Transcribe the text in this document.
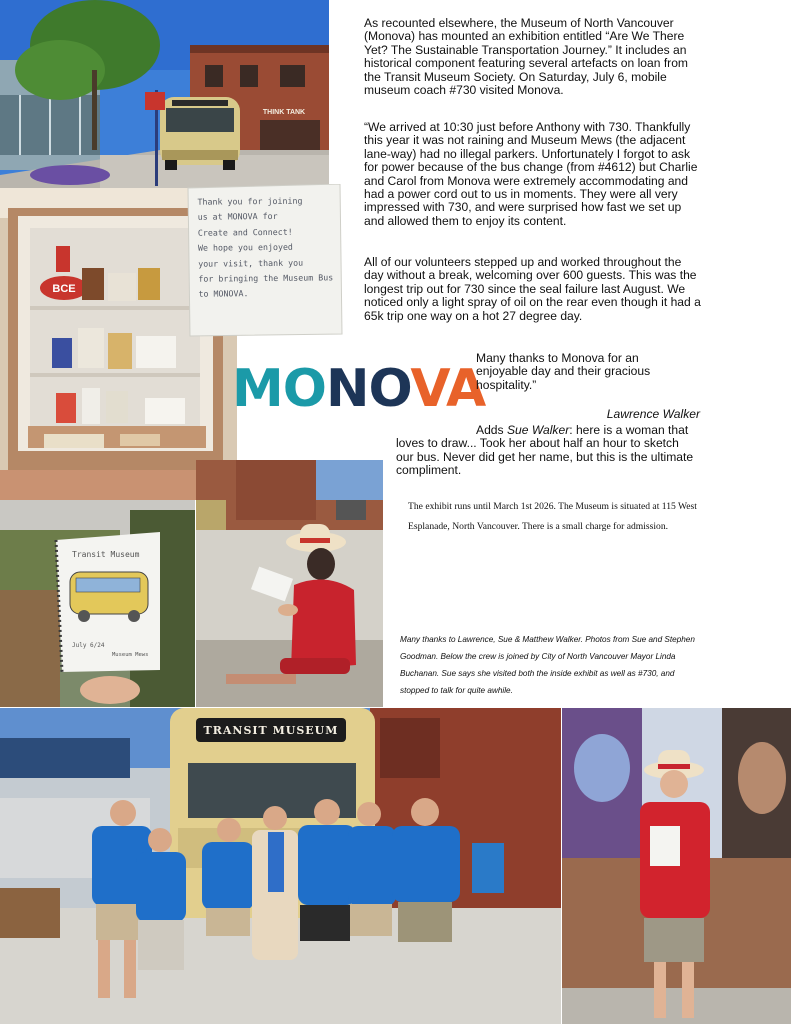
THINK TANK
BCE
Thank you for joining
us at MONOVA for
Create and Connect!
We hope you enjoyed
your visit, thank you
for bringing the Museum Bus
to MONOVA.
MONOVA
Transit Museum
July 6/24
Museum Mews
TRANSIT MUSEUM

As recounted elsewhere, the Museum of North Vancouver (Monova) has mounted an exhibition entitled “Are We There Yet? The Sustainable Transportation Journey.” It includes an historical component featuring several artefacts on loan from the Transit Museum Society. On Saturday, July 6, mobile museum coach #730 visited Monova.

“We arrived at 10:30 just before Anthony with 730. Thankfully this year it was not raining and Museum Mews (the adjacent lane-way) had no illegal parkers. Unfortunately I forgot to ask for power because of the bus change (from #4612) but Charlie and Carol from Monova were extremely accommodating and had a power cord out to us in moments. They were all very impressed with 730, and were surprised how fast we set up and allowed them to enjoy its content.

All of our volunteers stepped up and worked throughout the day without a break, welcoming over 600 guests. This was the longest trip out for 730 since the seal failure last August. We noticed only a light spray of oil on the rear even though it had a 65k trip one way on a hot 27 degree day.

Many thanks to Monova for an enjoyable day and their gracious hospitality.”

Lawrence Walker
Adds Sue Walker: here is a woman that loves to draw... Took her about half an hour to sketch our bus. Never did get her name, but this is the ultimate compliment.

The exhibit runs until March 1st 2026. The Museum is situated at 115 West Esplanade, North Vancouver. There is a small charge for admission.

Many thanks to Lawrence, Sue & Matthew Walker. Photos from Sue and Stephen Goodman. Below the crew is joined by City of North Vancouver Mayor Linda Buchanan. Sue says she visited both the inside exhibit as well as #730, and stopped to talk for quite awhile.
